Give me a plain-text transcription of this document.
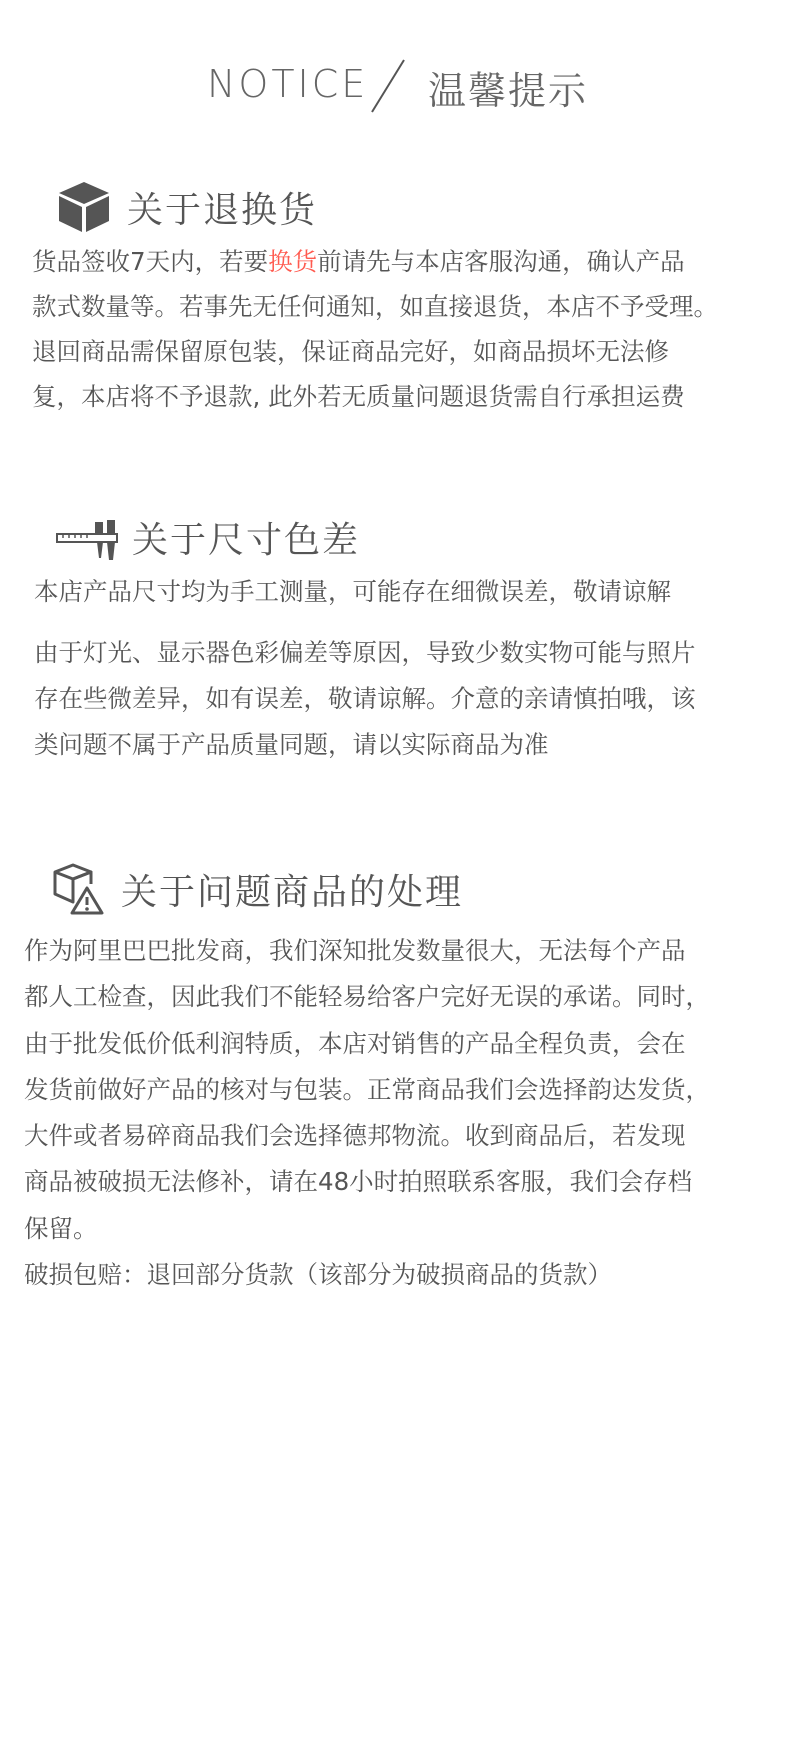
NOTICE 温馨提示
关于退换货
货品签收7天内，若要换货前请先与本店客服沟通，确认产品
款式数量等。若事先无任何通知，如直接退货，本店不予受理。
退回商品需保留原包装，保证商品完好，如商品损坏无法修
复，本店将不予退款, 此外若无质量问题退货需自行承担运费
关于尺寸色差
本店产品尺寸均为手工测量，可能存在细微误差，敬请谅解
由于灯光、显示器色彩偏差等原因，导致少数实物可能与照片
存在些微差异，如有误差，敬请谅解。介意的亲请慎拍哦，该
类问题不属于产品质量同题，请以实际商品为准
关于问题商品的处理
作为阿里巴巴批发商，我们深知批发数量很大，无法每个产品
都人工检查，因此我们不能轻易给客户完好无误的承诺。同时，
由于批发低价低利润特质，本店对销售的产品全程负责，会在
发货前做好产品的核对与包装。正常商品我们会选择韵达发货，
大件或者易碎商品我们会选择德邦物流。收到商品后，若发现
商品被破损无法修补，请在48小时拍照联系客服，我们会存档
保留。
破损包赔：退回部分货款（该部分为破损商品的货款）
